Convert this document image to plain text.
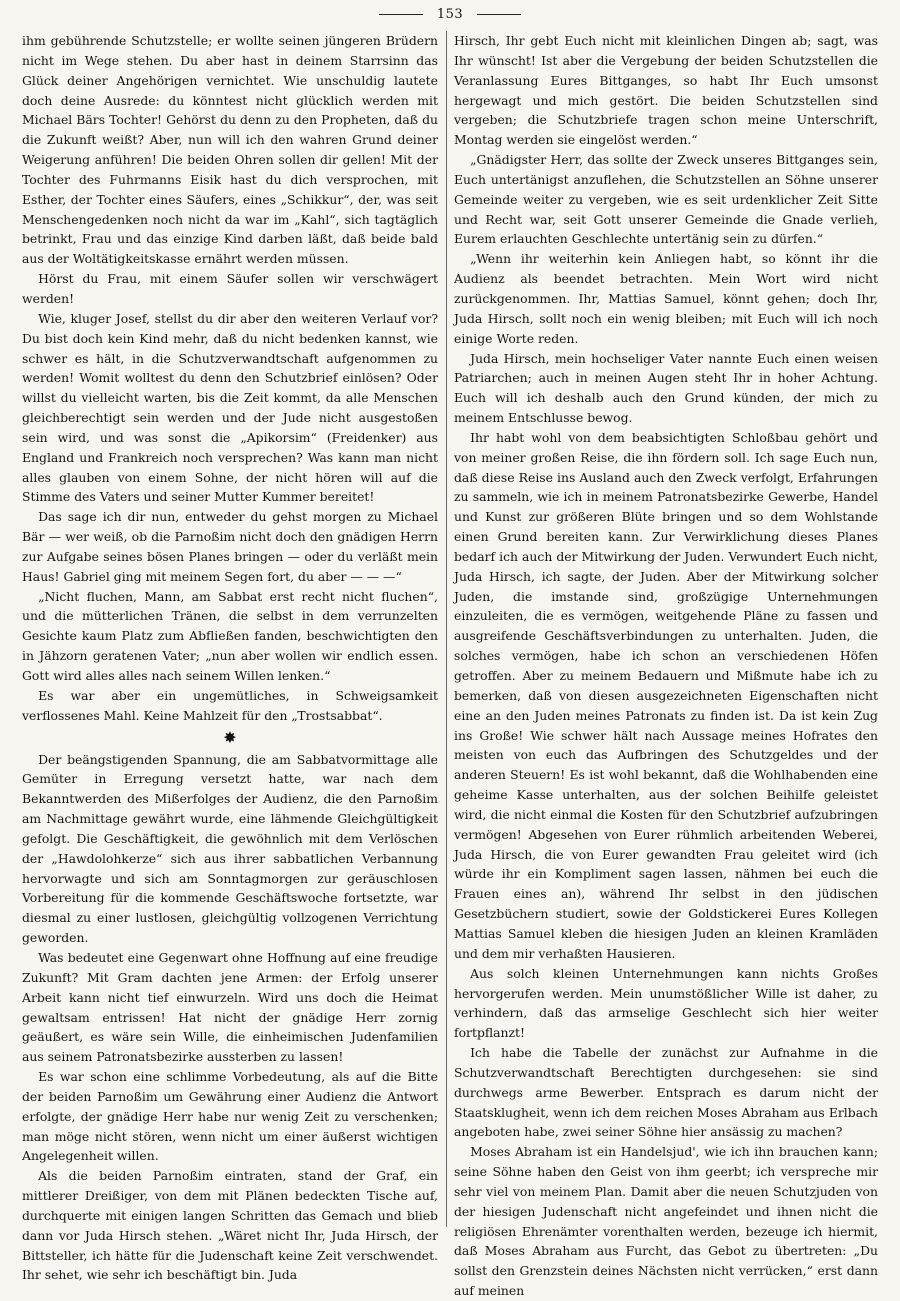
153

ihm gebührende Schutzstelle; er wollte seinen jüngeren Brüdern nicht im Wege stehen. Du aber hast in deinem Starrsinn das Glück deiner Angehörigen vernichtet. Wie unschuldig lautete doch deine Ausrede: du könntest nicht glücklich werden mit Michael Bärs Tochter! Gehörst du denn zu den Propheten, daß du die Zukunft weißt? Aber, nun will ich den wahren Grund deiner Weigerung anführen! Die beiden Ohren sollen dir gellen! Mit der Tochter des Fuhrmanns Eisik hast du dich versprochen, mit Esther, der Tochter eines Säufers, eines „Schikkur“, der, was seit Menschengedenken noch nicht da war im „Kahl“, sich tagtäglich betrinkt, Frau und das einzige Kind darben läßt, daß beide bald aus der Woltätigkeitskasse ernährt werden müssen.

Hörst du Frau, mit einem Säufer sollen wir verschwägert werden!

Wie, kluger Josef, stellst du dir aber den weiteren Verlauf vor? Du bist doch kein Kind mehr, daß du nicht bedenken kannst, wie schwer es hält, in die Schutzverwandtschaft aufgenommen zu werden! Womit wolltest du denn den Schutzbrief einlösen? Oder willst du vielleicht warten, bis die Zeit kommt, da alle Menschen gleichberechtigt sein werden und der Jude nicht ausgestoßen sein wird, und was sonst die „Apikorsim“ (Freidenker) aus England und Frankreich noch versprechen? Was kann man nicht alles glauben von einem Sohne, der nicht hören will auf die Stimme des Vaters und seiner Mutter Kummer bereitet!

Das sage ich dir nun, entweder du gehst morgen zu Michael Bär — wer weiß, ob die Parnoßim nicht doch den gnädigen Herrn zur Aufgabe seines bösen Planes bringen — oder du verläßt mein Haus! Gabriel ging mit meinem Segen fort, du aber — — —“

„Nicht fluchen, Mann, am Sabbat erst recht nicht fluchen“, und die mütterlichen Tränen, die selbst in dem verrunzelten Gesichte kaum Platz zum Abfließen fanden, beschwichtigten den in Jähzorn geratenen Vater; „nun aber wollen wir endlich essen. Gott wird alles alles nach seinem Willen lenken.“

Es war aber ein ungemütliches, in Schweigsamkeit verflossenes Mahl. Keine Mahlzeit für den „Trostsabbat“.

✸

Der beängstigenden Spannung, die am Sabbatvormittage alle Gemüter in Erregung versetzt hatte, war nach dem Bekanntwerden des Mißerfolges der Audienz, die den Parnoßim am Nachmittage gewährt wurde, eine lähmende Gleichgültigkeit gefolgt. Die Geschäftigkeit, die gewöhnlich mit dem Verlöschen der „Hawdolohkerze“ sich aus ihrer sabbatlichen Verbannung hervorwagte und sich am Sonntagmorgen zur geräuschlosen Vorbereitung für die kommende Geschäftswoche fortsetzte, war diesmal zu einer lustlosen, gleichgültig vollzogenen Verrichtung geworden.

Was bedeutet eine Gegenwart ohne Hoffnung auf eine freudige Zukunft? Mit Gram dachten jene Armen: der Erfolg unserer Arbeit kann nicht tief einwurzeln. Wird uns doch die Heimat gewaltsam entrissen! Hat nicht der gnädige Herr zornig geäußert, es wäre sein Wille, die einheimischen Judenfamilien aus seinem Patronatsbezirke aussterben zu lassen!

Es war schon eine schlimme Vorbedeutung, als auf die Bitte der beiden Parnoßim um Gewährung einer Audienz die Antwort erfolgte, der gnädige Herr habe nur wenig Zeit zu verschenken; man möge nicht stören, wenn nicht um einer äußerst wichtigen Angelegenheit willen.

Als die beiden Parnoßim eintraten, stand der Graf, ein mittlerer Dreißiger, von dem mit Plänen bedeckten Tische auf, durchquerte mit einigen langen Schritten das Gemach und blieb dann vor Juda Hirsch stehen. „Wäret nicht Ihr, Juda Hirsch, der Bittsteller, ich hätte für die Judenschaft keine Zeit verschwendet. Ihr sehet, wie sehr ich beschäftigt bin. Juda

Hirsch, Ihr gebt Euch nicht mit kleinlichen Dingen ab; sagt, was Ihr wünscht! Ist aber die Vergebung der beiden Schutzstellen die Veranlassung Eures Bittganges, so habt Ihr Euch umsonst hergewagt und mich gestört. Die beiden Schutzstellen sind vergeben; die Schutzbriefe tragen schon meine Unterschrift, Montag werden sie eingelöst werden.“

„Gnädigster Herr, das sollte der Zweck unseres Bittganges sein, Euch untertänigst anzuflehen, die Schutzstellen an Söhne unserer Gemeinde weiter zu vergeben, wie es seit urdenklicher Zeit Sitte und Recht war, seit Gott unserer Gemeinde die Gnade verlieh, Eurem erlauchten Geschlechte untertänig sein zu dürfen.“

„Wenn ihr weiterhin kein Anliegen habt, so könnt ihr die Audienz als beendet betrachten. Mein Wort wird nicht zurückgenommen. Ihr, Mattias Samuel, könnt gehen; doch Ihr, Juda Hirsch, sollt noch ein wenig bleiben; mit Euch will ich noch einige Worte reden.

Juda Hirsch, mein hochseliger Vater nannte Euch einen weisen Patriarchen; auch in meinen Augen steht Ihr in hoher Achtung. Euch will ich deshalb auch den Grund künden, der mich zu meinem Entschlusse bewog.

Ihr habt wohl von dem beabsichtigten Schloßbau gehört und von meiner großen Reise, die ihn fördern soll. Ich sage Euch nun, daß diese Reise ins Ausland auch den Zweck verfolgt, Erfahrungen zu sammeln, wie ich in meinem Patronatsbezirke Gewerbe, Handel und Kunst zur größeren Blüte bringen und so dem Wohlstande einen Grund bereiten kann. Zur Verwirklichung dieses Planes bedarf ich auch der Mitwirkung der Juden. Verwundert Euch nicht, Juda Hirsch, ich sagte, der Juden. Aber der Mitwirkung solcher Juden, die imstande sind, großzügige Unternehmungen einzuleiten, die es vermögen, weitgehende Pläne zu fassen und ausgreifende Geschäftsverbindungen zu unterhalten. Juden, die solches vermögen, habe ich schon an verschiedenen Höfen getroffen. Aber zu meinem Bedauern und Mißmute habe ich zu bemerken, daß von diesen ausgezeichneten Eigenschaften nicht eine an den Juden meines Patronats zu finden ist. Da ist kein Zug ins Große! Wie schwer hält nach Aussage meines Hofrates den meisten von euch das Aufbringen des Schutzgeldes und der anderen Steuern! Es ist wohl bekannt, daß die Wohlhabenden eine geheime Kasse unterhalten, aus der solchen Beihilfe geleistet wird, die nicht einmal die Kosten für den Schutzbrief aufzubringen vermögen! Abgesehen von Eurer rühmlich arbeitenden Weberei, Juda Hirsch, die von Eurer gewandten Frau geleitet wird (ich würde ihr ein Kompliment sagen lassen, nähmen bei euch die Frauen eines an), während Ihr selbst in den jüdischen Gesetzbüchern studiert, sowie der Goldstickerei Eures Kollegen Mattias Samuel kleben die hiesigen Juden an kleinen Kramläden und dem mir verhaßten Hausieren.

Aus solch kleinen Unternehmungen kann nichts Großes hervorgerufen werden. Mein unumstößlicher Wille ist daher, zu verhindern, daß das armselige Geschlecht sich hier weiter fortpflanzt!

Ich habe die Tabelle der zunächst zur Aufnahme in die Schutzverwandtschaft Berechtigten durchgesehen: sie sind durchwegs arme Bewerber. Entsprach es darum nicht der Staatsklugheit, wenn ich dem reichen Moses Abraham aus Erlbach angeboten habe, zwei seiner Söhne hier ansässig zu machen?

Moses Abraham ist ein Handelsjud', wie ich ihn brauchen kann; seine Söhne haben den Geist von ihm geerbt; ich verspreche mir sehr viel von meinem Plan. Damit aber die neuen Schutzjuden von der hiesigen Judenschaft nicht angefeindet und ihnen nicht die religiösen Ehrenämter vorenthalten werden, bezeuge ich hiermit, daß Moses Abraham aus Furcht, das Gebot zu übertreten: „Du sollst den Grenzstein deines Nächsten nicht verrücken,“ erst dann auf meinen
